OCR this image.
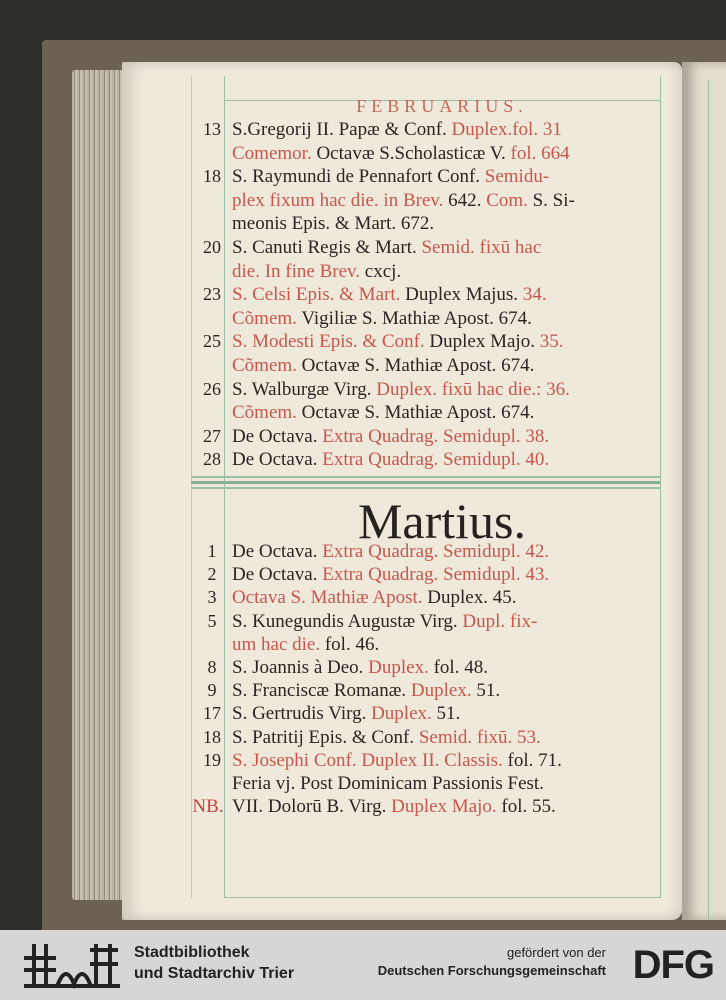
FEBRUARIUS.
13 S.Gregorij II. Papæ & Conf. Duplex.fol. 31
Comemor. Octavæ S.Scholasticæ V. fol. 664
18 S. Raymundi de Pennafort Conf. Semidu-
plex fixum hac die. in Brev. 642. Com. S. Si-
meonis Epis. & Mart. 672.
20 S. Canuti Regis & Mart. Semid. fixū hac
die. In fine Brev. cxcj.
23 S. Celsi Epis. & Mart. Duplex Majus. 34.
Cõmem. Vigiliæ S. Mathiæ Apost. 674.
25 S. Modesti Epis. & Conf. Duplex Majo. 35.
Cõmem. Octavæ S. Mathiæ Apost. 674.
26 S. Walburgæ Virg. Duplex. fixū hac die.: 36.
Cõmem. Octavæ S. Mathiæ Apost. 674.
27 De Octava. Extra Quadrag. Semidupl. 38.
28 De Octava. Extra Quadrag. Semidupl. 40.
Martius.
1 De Octava. Extra Quadrag. Semidupl. 42.
2 De Octava. Extra Quadrag. Semidupl. 43.
3 Octava S. Mathiæ Apost. Duplex. 45.
5 S. Kunegundis Augustæ Virg. Dupl. fix-
um hac die. fol. 46.
8 S. Joannis à Deo. Duplex. fol. 48.
9 S. Franciscæ Romanæ. Duplex. 51.
17 S. Gertrudis Virg. Duplex. 51.
18 S. Patritij Epis. & Conf. Semid. fixū. 53.
19 S. Josephi Conf. Duplex II. Classis. fol. 71.
Feria vj. Post Dominicam Passionis Fest.
NB. VII. Dolorū B. Virg. Duplex Majo. fol. 55.
Stadtbibliothek
und Stadtarchiv Trier
gefördert von der
Deutschen Forschungsgemeinschaft DFG
